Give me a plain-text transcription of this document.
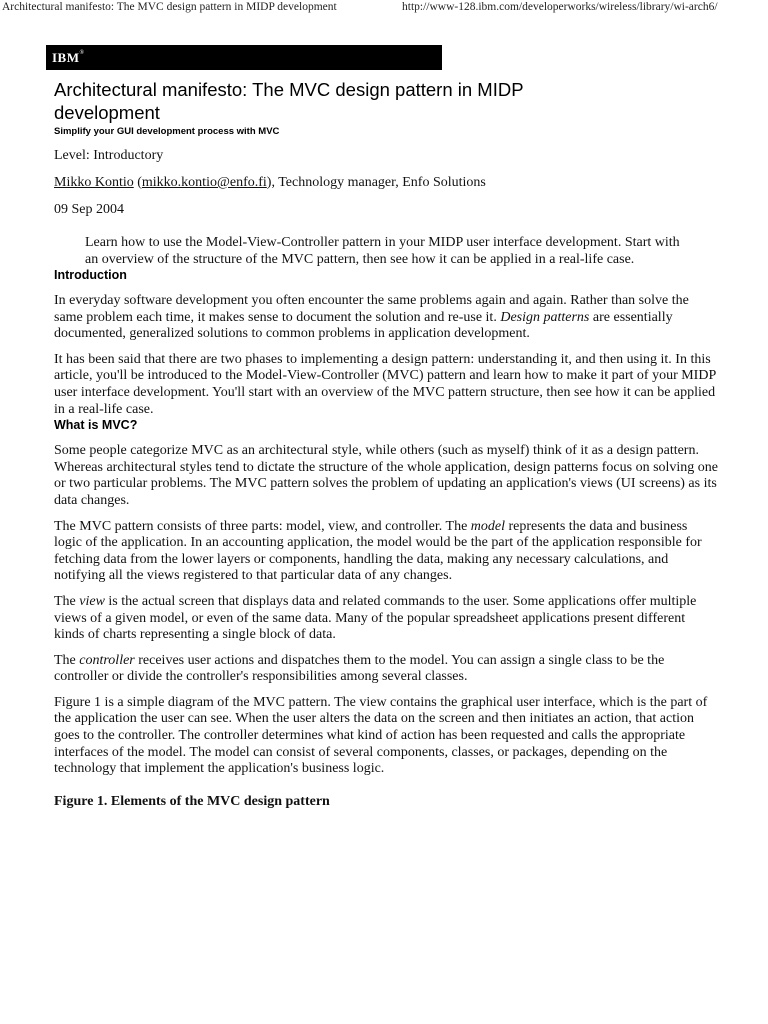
Architectural manifesto: The MVC design pattern in MIDP development	http://www-128.ibm.com/developerworks/wireless/library/wi-arch6/
IBM®
Architectural manifesto: The MVC design pattern in MIDP development

Simplify your GUI development process with MVC

Level: Introductory

Mikko Kontio (mikko.kontio@enfo.fi), Technology manager, Enfo Solutions

09 Sep 2004

Learn how to use the Model-View-Controller pattern in your MIDP user interface development. Start with an overview of the structure of the MVC pattern, then see how it can be applied in a real-life case.

Introduction

In everyday software development you often encounter the same problems again and again. Rather than solve the same problem each time, it makes sense to document the solution and re-use it. Design patterns are essentially documented, generalized solutions to common problems in application development.

It has been said that there are two phases to implementing a design pattern: understanding it, and then using it. In this article, you'll be introduced to the Model-View-Controller (MVC) pattern and learn how to make it part of your MIDP user interface development. You'll start with an overview of the MVC pattern structure, then see how it can be applied in a real-life case.

What is MVC?

Some people categorize MVC as an architectural style, while others (such as myself) think of it as a design pattern. Whereas architectural styles tend to dictate the structure of the whole application, design patterns focus on solving one or two particular problems. The MVC pattern solves the problem of updating an application's views (UI screens) as its data changes.

The MVC pattern consists of three parts: model, view, and controller. The model represents the data and business logic of the application. In an accounting application, the model would be the part of the application responsible for fetching data from the lower layers or components, handling the data, making any necessary calculations, and notifying all the views registered to that particular data of any changes.

The view is the actual screen that displays data and related commands to the user. Some applications offer multiple views of a given model, or even of the same data. Many of the popular spreadsheet applications present different kinds of charts representing a single block of data.

The controller receives user actions and dispatches them to the model. You can assign a single class to be the controller or divide the controller's responsibilities among several classes.

Figure 1 is a simple diagram of the MVC pattern. The view contains the graphical user interface, which is the part of the application the user can see. When the user alters the data on the screen and then initiates an action, that action goes to the controller. The controller determines what kind of action has been requested and calls the appropriate interfaces of the model. The model can consist of several components, classes, or packages, depending on the technology that implement the application's business logic.

Figure 1. Elements of the MVC design pattern
